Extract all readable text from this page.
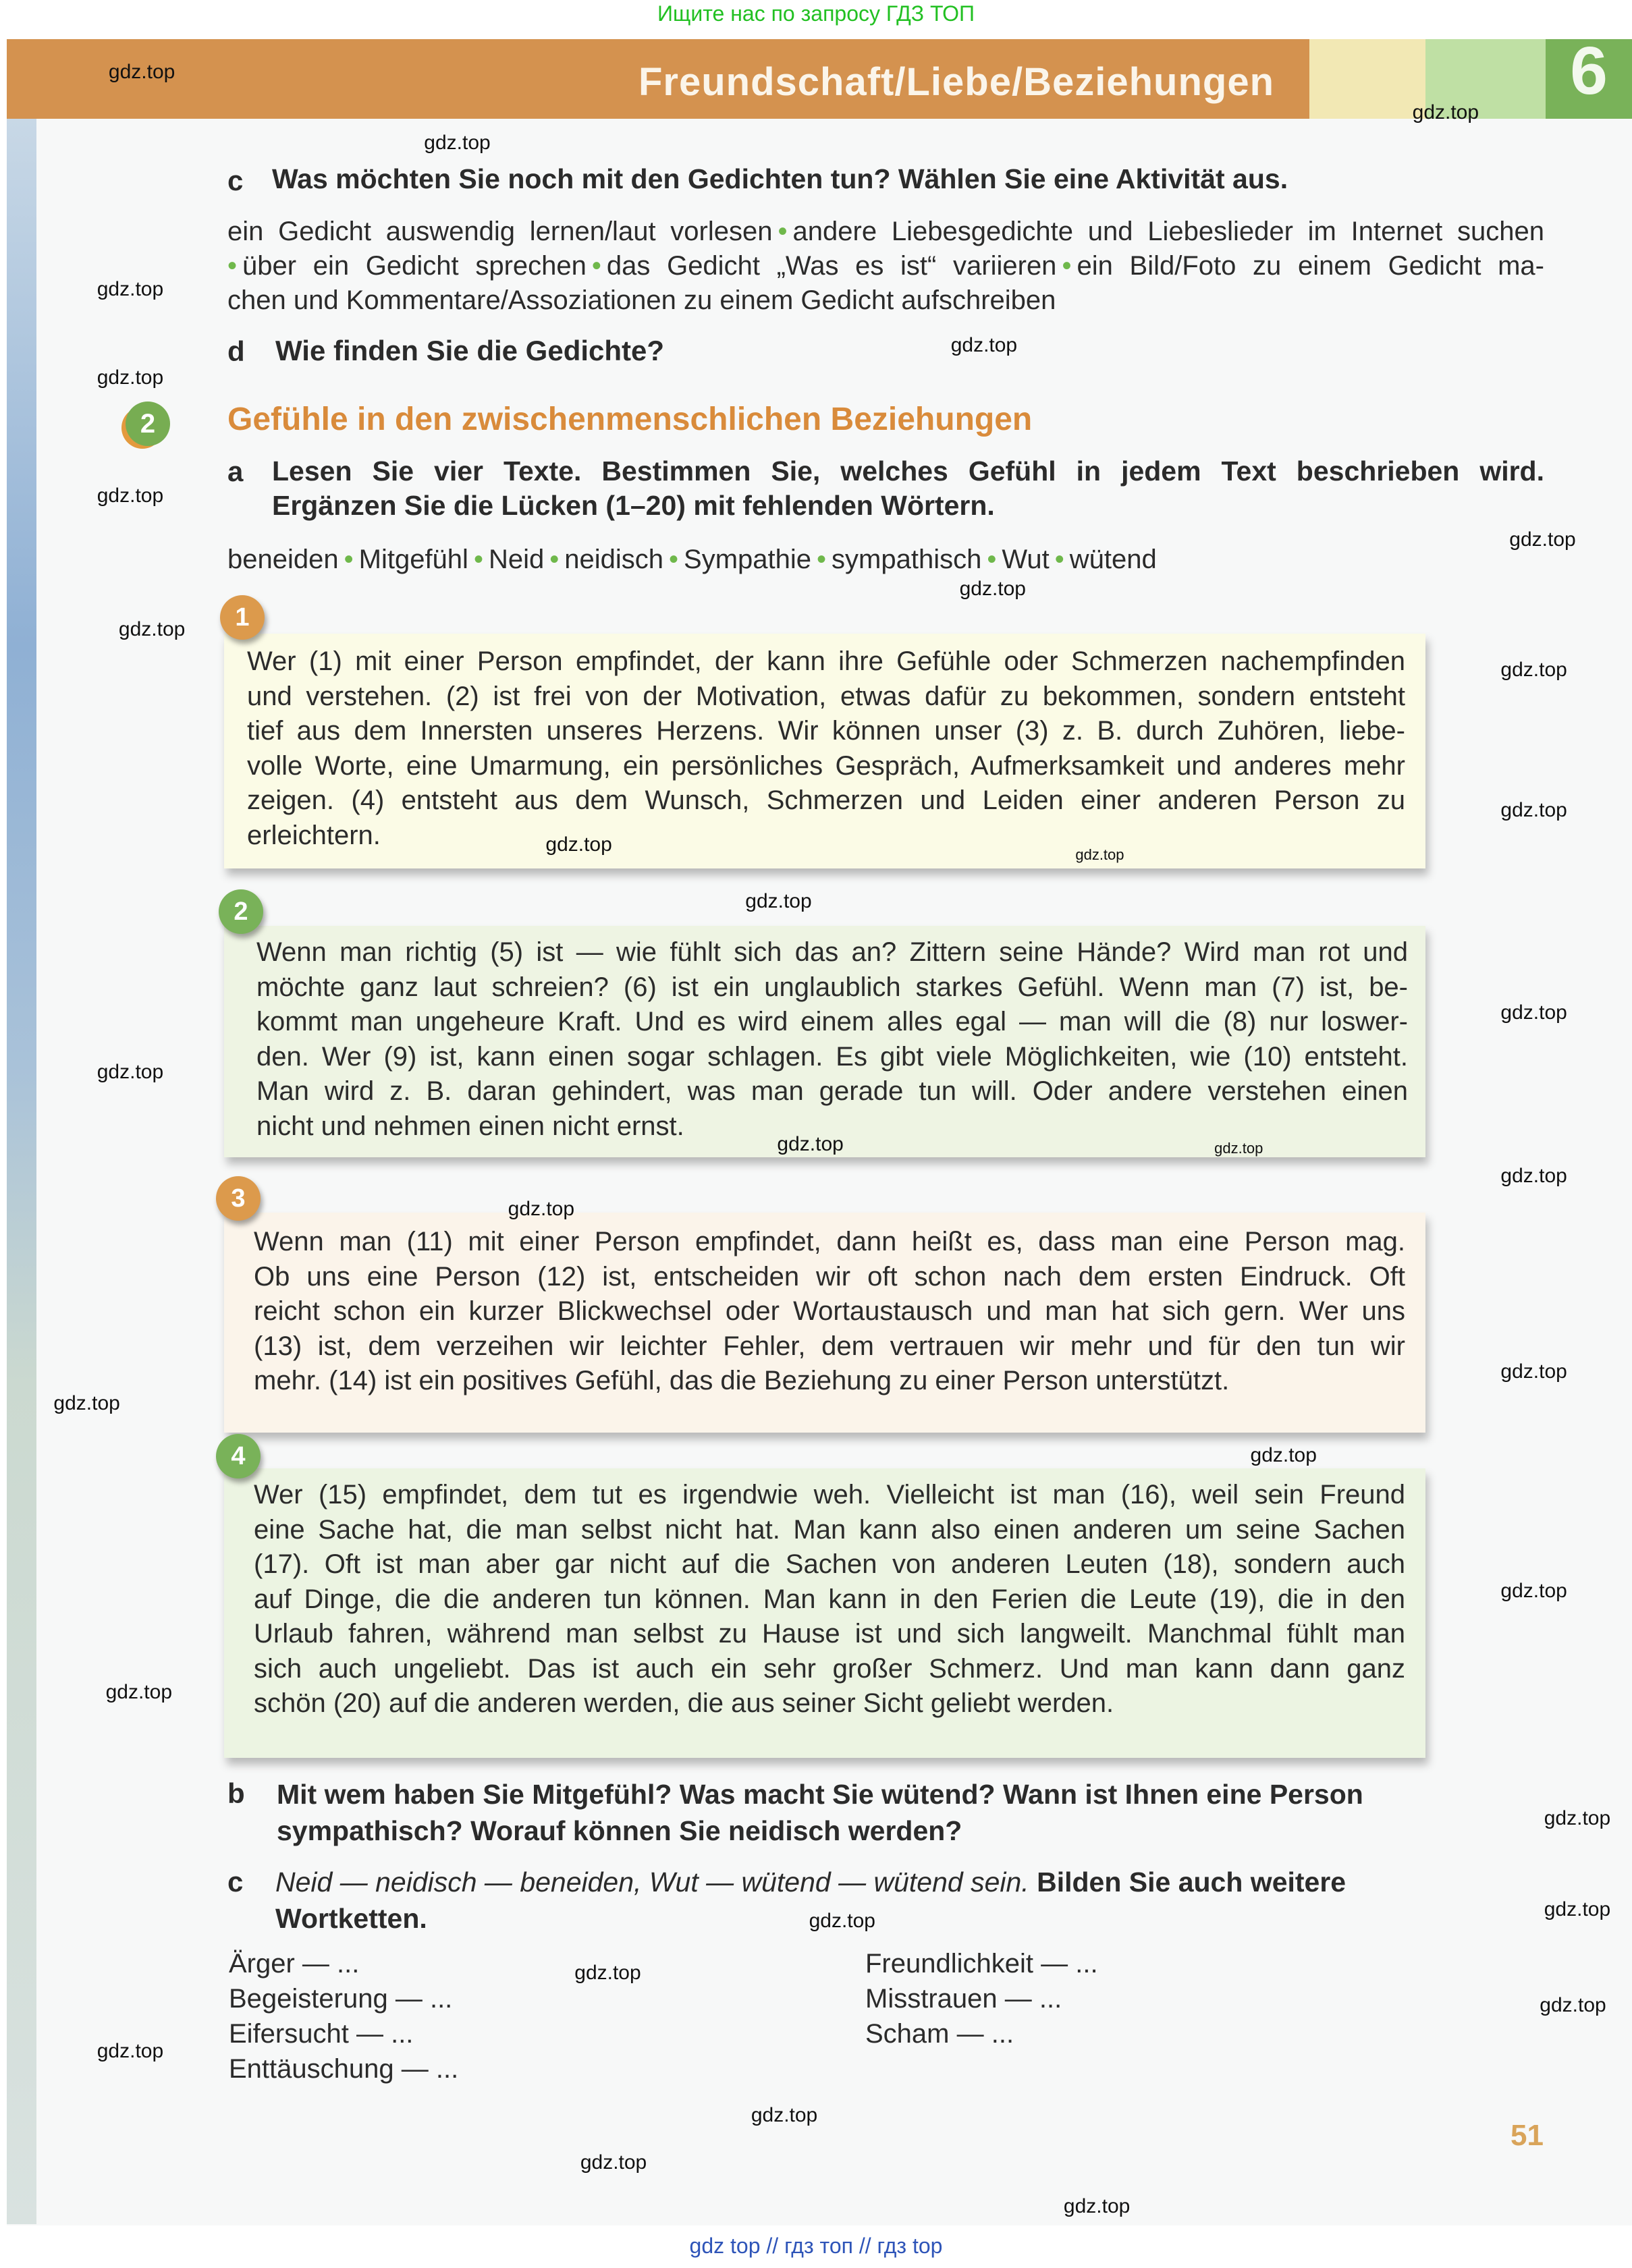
Ищите нас по запросу ГДЗ ТОП
Freundschaft/Liebe/Beziehungen	6
c Was möchten Sie noch mit den Gedichten tun? Wählen Sie eine Aktivität aus.
ein Gedicht auswendig lernen/laut vorlesen • andere Liebesgedichte und Liebeslieder im Internet suchen
• über ein Gedicht sprechen • das Gedicht „Was es ist“ variieren • ein Bild/Foto zu einem Gedicht ma-
chen und Kommentare/Assoziationen zu einem Gedicht aufschreiben
d Wie finden Sie die Gedichte?
2	Gefühle in den zwischenmenschlichen Beziehungen
a Lesen Sie vier Texte. Bestimmen Sie, welches Gefühl in jedem Text beschrieben wird.
Ergänzen Sie die Lücken (1–20) mit fehlenden Wörtern.
beneiden • Mitgefühl • Neid • neidisch • Sympathie • sympathisch • Wut • wütend
1
Wer (1) mit einer Person empfindet, der kann ihre Gefühle oder Schmerzen nachempfinden
und verstehen. (2) ist frei von der Motivation, etwas dafür zu bekommen, sondern entsteht
tief aus dem Innersten unseres Herzens. Wir können unser (3) z. B. durch Zuhören, liebe-
volle Worte, eine Umarmung, ein persönliches Gespräch, Aufmerksamkeit und anderes mehr
zeigen. (4) entsteht aus dem Wunsch, Schmerzen und Leiden einer anderen Person zu
erleichtern.
2
Wenn man richtig (5) ist — wie fühlt sich das an? Zittern seine Hände? Wird man rot und
möchte ganz laut schreien? (6) ist ein unglaublich starkes Gefühl. Wenn man (7) ist, be-
kommt man ungeheure Kraft. Und es wird einem alles egal — man will die (8) nur loswer-
den. Wer (9) ist, kann einen sogar schlagen. Es gibt viele Möglichkeiten, wie (10) entsteht.
Man wird z. B. daran gehindert, was man gerade tun will. Oder andere verstehen einen
nicht und nehmen einen nicht ernst.
3
Wenn man (11) mit einer Person empfindet, dann heißt es, dass man eine Person mag.
Ob uns eine Person (12) ist, entscheiden wir oft schon nach dem ersten Eindruck. Oft
reicht schon ein kurzer Blickwechsel oder Wortaustausch und man hat sich gern. Wer uns
(13) ist, dem verzeihen wir leichter Fehler, dem vertrauen wir mehr und für den tun wir
mehr. (14) ist ein positives Gefühl, das die Beziehung zu einer Person unterstützt.
4
Wer (15) empfindet, dem tut es irgendwie weh. Vielleicht ist man (16), weil sein Freund
eine Sache hat, die man selbst nicht hat. Man kann also einen anderen um seine Sachen
(17). Oft ist man aber gar nicht auf die Sachen von anderen Leuten (18), sondern auch
auf Dinge, die die anderen tun können. Man kann in den Ferien die Leute (19), die in den
Urlaub fahren, während man selbst zu Hause ist und sich langweilt. Manchmal fühlt man
sich auch ungeliebt. Das ist auch ein sehr großer Schmerz. Und man kann dann ganz
schön (20) auf die anderen werden, die aus seiner Sicht geliebt werden.
b Mit wem haben Sie Mitgefühl? Was macht Sie wütend? Wann ist Ihnen eine Person
sympathisch? Worauf können Sie neidisch werden?
c Neid — neidisch — beneiden, Wut — wütend — wütend sein. Bilden Sie auch weitere
Wortketten.
Ärger — ...
Begeisterung — ...
Eifersucht — ...
Enttäuschung — ...
Freundlichkeit — ...
Misstrauen — ...
Scham — ...
51
gdz top // гдз топ // гдз top
gdz.top
gdz.top
gdz.top
gdz.top
gdz.top
gdz.top
gdz.top
gdz.top
gdz.top
gdz.top
gdz.top
gdz.top
gdz.top	gdz.top
gdz.top
gdz.top
gdz.top
gdz.top	gdz.top
gdz.top
gdz.top
gdz.top
gdz.top
gdz.top
gdz.top
gdz.top
gdz.top
gdz.top
gdz.top
gdz.top
gdz.top
gdz.top
gdz.top
gdz.top
gdz.top
